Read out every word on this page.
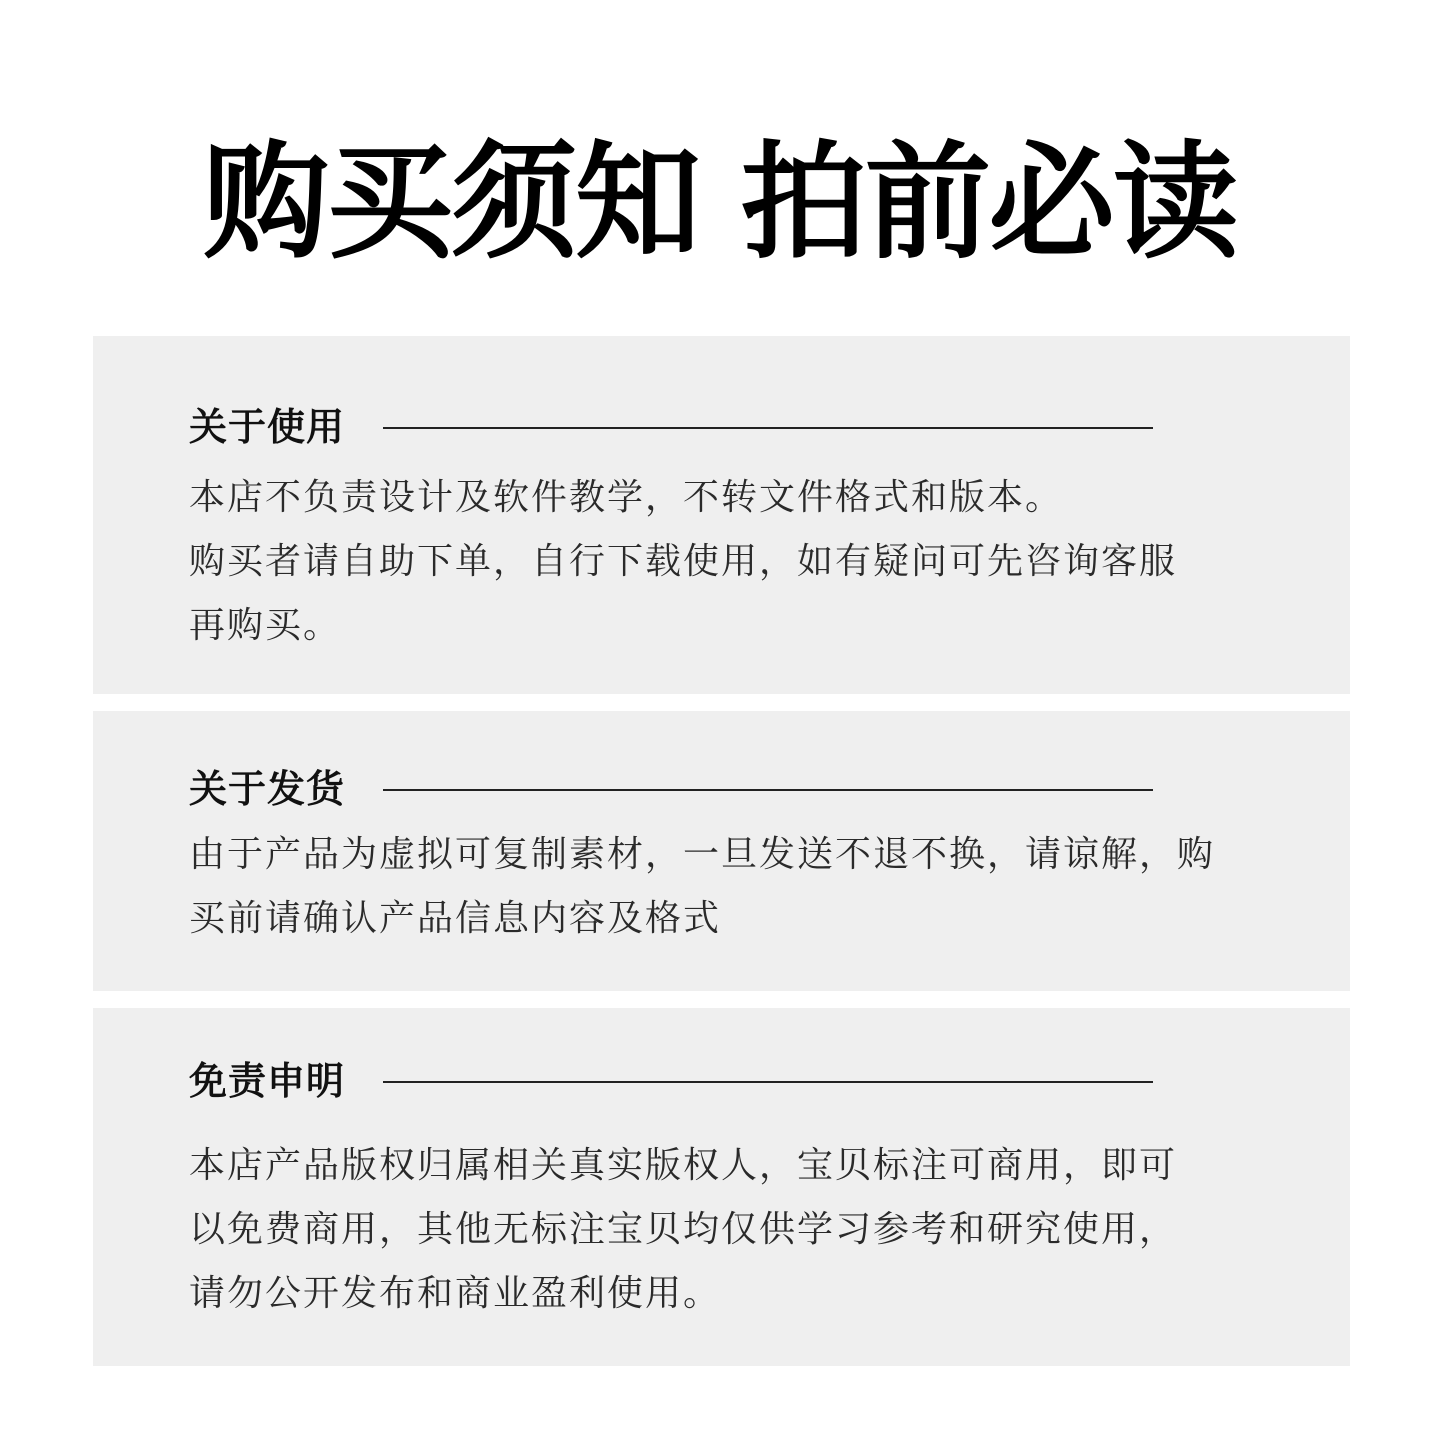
购买须知 拍前必读
关于使用
本店不负责设计及软件教学，不转文件格式和版本。
购买者请自助下单，自行下载使用，如有疑问可先咨询客服
再购买。
关于发货
由于产品为虚拟可复制素材，一旦发送不退不换，请谅解，购
买前请确认产品信息内容及格式
免责申明
本店产品版权归属相关真实版权人，宝贝标注可商用，即可
以免费商用，其他无标注宝贝均仅供学习参考和研究使用，
请勿公开发布和商业盈利使用。
